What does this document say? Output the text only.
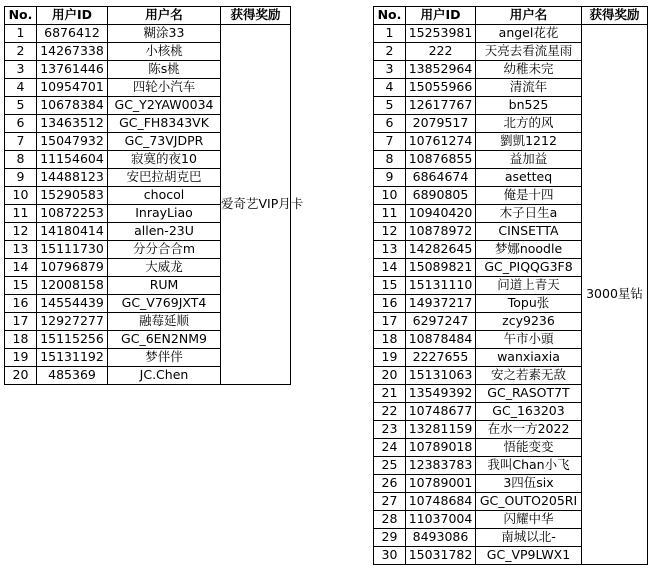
No.	用户ID	用户名	获得奖励
1	6876412	糊涂33	爱奇艺VIP月卡
2	14267338	小核桃	
3	13761446	陈s桃	
4	10954701	四轮小汽车	
5	10678384	GC_Y2YAW0034	
6	13463512	GC_FH8343VK	
7	15047932	GC_73VJDPR	
8	11154604	寂寞的夜10	
9	14488123	安巴拉胡克巴	
10	15290583	chocol	
11	10872253	InrayLiao	
12	14180414	allen-23U	
13	15111730	分分合合m	
14	10796879	大威龙	
15	12008158	RUM	
16	14554439	GC_V769JXT4	
17	12927277	融莓延顺	
18	15115256	GC_6EN2NM9	
19	15131192	梦伴伴	
20	485369	JC.Chen	
No.	用户ID	用户名	获得奖励
1	15253981	angel花花	3000星钻
2	222	天亮去看流星雨	
3	13852964	幼稚未完	
4	15055966	清流年	
5	12617767	bn525	
6	2079517	北方的风	
7	10761274	劉凱1212	
8	10876855	益加益	
9	6864674	asetteq	
10	6890805	俺是十四	
11	10940420	木子日生a	
12	10878972	CINSETTA	
13	14282645	梦娜noodle	
14	15089821	GC_PIQQG3F8	
15	15131110	问道上青天	
16	14937217	Topu张	
17	6297247	zcy9236	
18	10878484	午市小頭	
19	2227655	wanxiaxia	
20	15131063	安之若素无敌	
21	13549392	GC_RASOT7T	
22	10748677	GC_163203	
23	13281159	在水一方2022	
24	10789018	悟能变变	
25	12383783	我叫Chan小飞	
26	10789001	3四伍six	
27	10748684	GC_OUTO205RI	
28	11037004	闪耀中华	
29	8493086	南城以北-	
30	15031782	GC_VP9LWX1	
